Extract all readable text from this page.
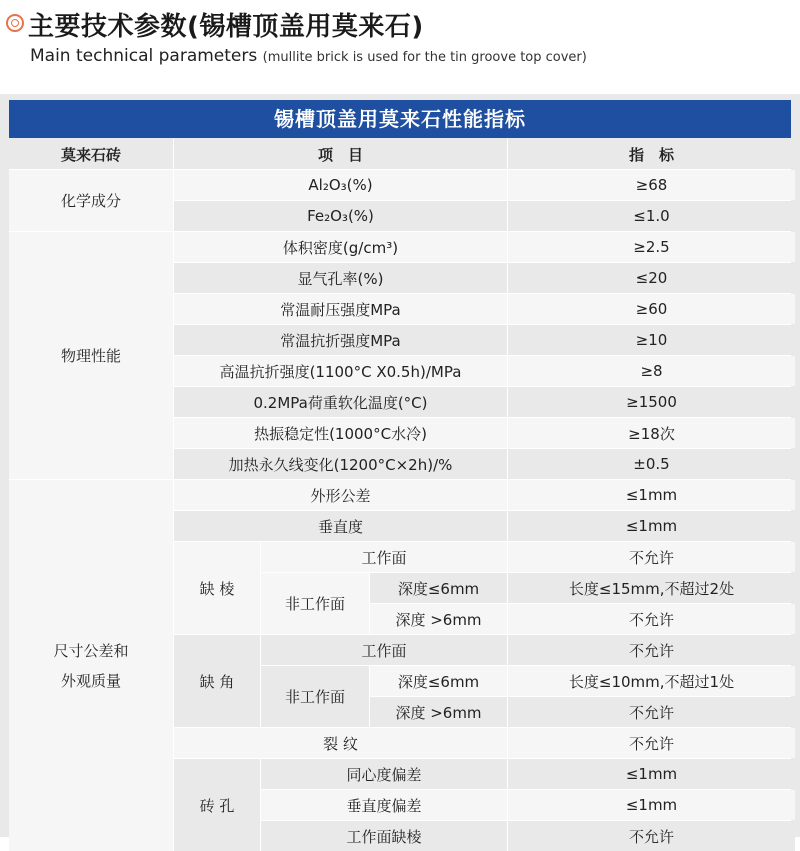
主要技术参数(锡槽顶盖用莫来石)
Main technical parameters (mullite brick is used for the tin groove top cover)
锡槽顶盖用莫来石性能指标
莫来石砖	项　目	指　标
化学成分
Al₂O₃(%)	≥68
Fe₂O₃(%)	≤1.0
物理性能
体积密度(g/cm³)	≥2.5
显气孔率(%)	≤20
常温耐压强度MPa	≥60
常温抗折强度MPa	≥10
高温抗折强度(1100°C X0.5h)/MPa	≥8
0.2MPa荷重软化温度(°C)	≥1500
热振稳定性(1000°C水冷)	≥18次
加热永久线变化(1200°C×2h)/%	±0.5
尺寸公差和
外观质量
外形公差	≤1mm
垂直度	≤1mm
缺 棱
工作面	不允许
非工作面
深度≤6mm	长度≤15mm,不超过2处
深度 >6mm	不允许
缺 角
工作面	不允许
非工作面
深度≤6mm	长度≤10mm,不超过1处
深度 >6mm	不允许
裂 纹	不允许
砖 孔
同心度偏差	≤1mm
垂直度偏差	≤1mm
工作面缺棱	不允许
